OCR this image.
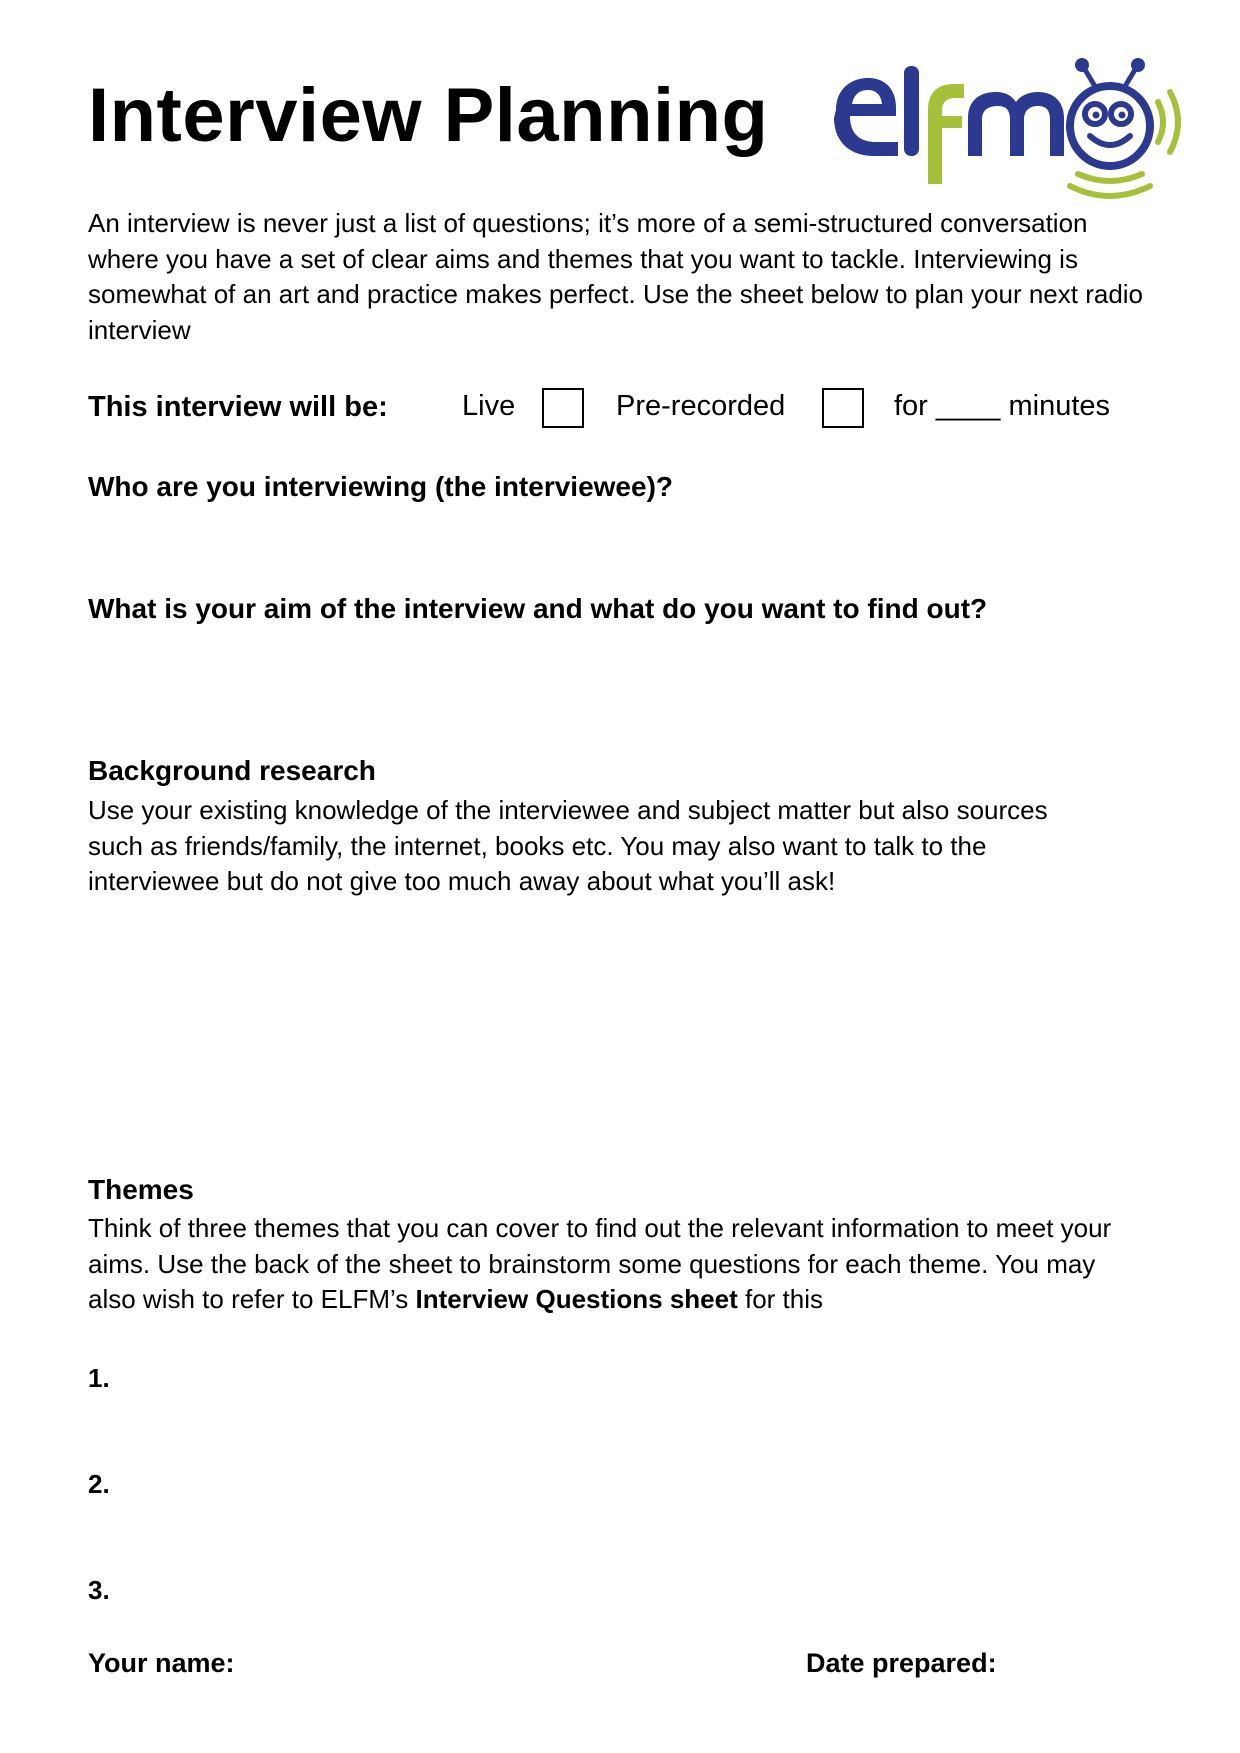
Interview Planning

An interview is never just a list of questions; it’s more of a semi-structured conversation where you have a set of clear aims and themes that you want to tackle. Interviewing is somewhat of an art and practice makes perfect. Use the sheet below to plan your next radio interview

This interview will be:	Live	Pre-recorded	for ____ minutes

Who are you interviewing (the interviewee)?

What is your aim of the interview and what do you want to find out?

Background research

Use your existing knowledge of the interviewee and subject matter but also sources such as friends/family, the internet, books etc. You may also want to talk to the interviewee but do not give too much away about what you’ll ask!

Themes

Think of three themes that you can cover to find out the relevant information to meet your aims. Use the back of the sheet to brainstorm some questions for each theme. You may also wish to refer to ELFM’s Interview Questions sheet for this

1.
2.
3.
Your name:	Date prepared:
